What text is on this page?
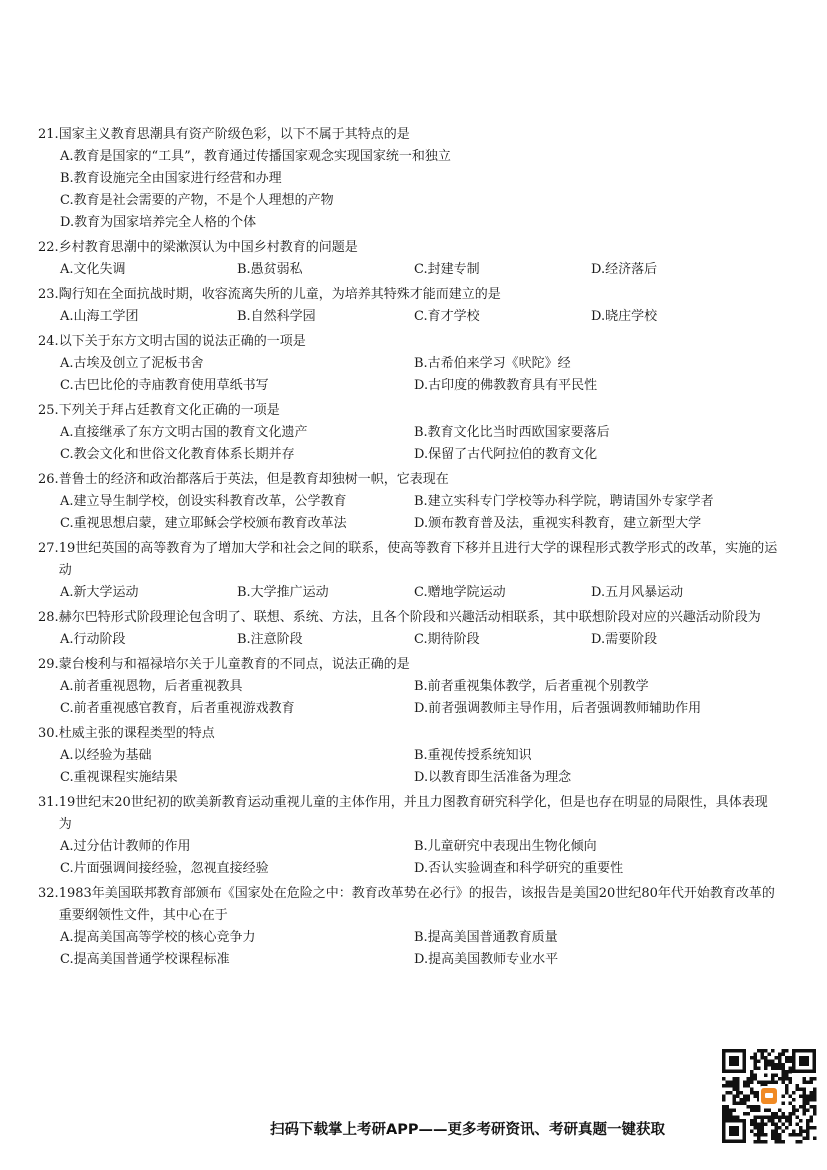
21. 国家主义教育思潮具有资产阶级色彩，以下不属于其特点的是
A.教育是国家的“工具”，教育通过传播国家观念实现国家统一和独立
B.教育设施完全由国家进行经营和办理
C.教育是社会需要的产物，不是个人理想的产物
D.教育为国家培养完全人格的个体
22. 乡村教育思潮中的梁漱溟认为中国乡村教育的问题是
A.文化失调	B.愚贫弱私	C.封建专制	D.经济落后
23. 陶行知在全面抗战时期，收容流离失所的儿童，为培养其特殊才能而建立的是
A.山海工学团	B.自然科学园	C.育才学校	D.晓庄学校
24. 以下关于东方文明古国的说法正确的一项是
A.古埃及创立了泥板书舍	B.古希伯来学习《吠陀》经
C.古巴比伦的寺庙教育使用草纸书写	D.古印度的佛教教育具有平民性
25. 下列关于拜占廷教育文化正确的一项是
A.直接继承了东方文明古国的教育文化遗产	B.教育文化比当时西欧国家要落后
C.教会文化和世俗文化教育体系长期并存	D.保留了古代阿拉伯的教育文化
26. 普鲁士的经济和政治都落后于英法，但是教育却独树一帜，它表现在
A.建立导生制学校，创设实科教育改革，公学教育	B.建立实科专门学校等办科学院，聘请国外专家学者
C.重视思想启蒙，建立耶稣会学校颁布教育改革法	D.颁布教育普及法，重视实科教育，建立新型大学
27. 19世纪英国的高等教育为了增加大学和社会之间的联系，使高等教育下移并且进行大学的课程形式教学形式的改革，实施的运动
A.新大学运动	B.大学推广运动	C.赠地学院运动	D.五月风暴运动
28. 赫尔巴特形式阶段理论包含明了、联想、系统、方法，且各个阶段和兴趣活动相联系，其中联想阶段对应的兴趣活动阶段为
A.行动阶段	B.注意阶段	C.期待阶段	D.需要阶段
29. 蒙台梭利与和福禄培尔关于儿童教育的不同点，说法正确的是
A.前者重视恩物，后者重视教具	B.前者重视集体教学，后者重视个别教学
C.前者重视感官教育，后者重视游戏教育	D.前者强调教师主导作用，后者强调教师辅助作用
30. 杜威主张的课程类型的特点
A.以经验为基础	B.重视传授系统知识
C.重视课程实施结果	D.以教育即生活准备为理念
31. 19世纪末20世纪初的欧美新教育运动重视儿童的主体作用，并且力图教育研究科学化，但是也存在明显的局限性，具体表现为
A.过分估计教师的作用	B.儿童研究中表现出生物化倾向
C.片面强调间接经验，忽视直接经验	D.否认实验调查和科学研究的重要性
32. 1983年美国联邦教育部颁布《国家处在危险之中：教育改革势在必行》的报告，该报告是美国20世纪80年代开始教育改革的重要纲领性文件，其中心在于
A.提高美国高等学校的核心竞争力	B.提高美国普通教育质量
C.提高美国普通学校课程标准	D.提高美国教师专业水平
扫码下载掌上考研APP——更多考研资讯、考研真题一键获取
